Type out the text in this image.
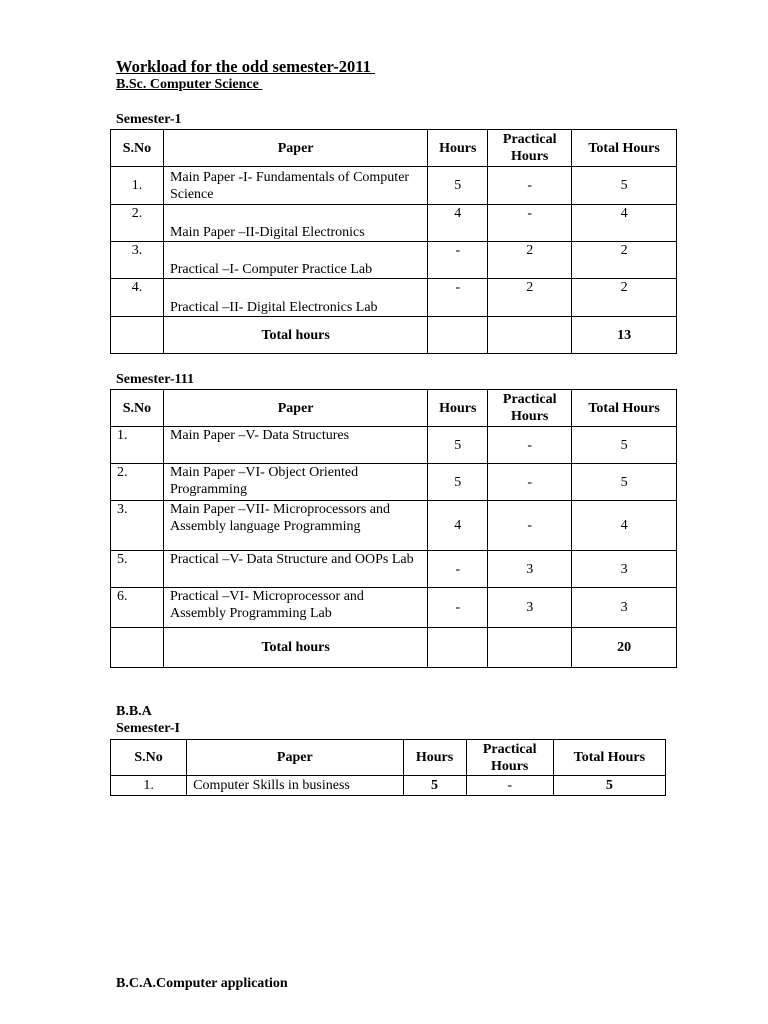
Workload for the odd semester-2011
B.Sc. Computer Science
Semester-1
S.No	Paper	Hours	Practical Hours	Total Hours
1.	Main Paper -I- Fundamentals of Computer Science	5	-	5
2.	Main Paper –II-Digital Electronics	4	-	4
3.	Practical –I- Computer Practice Lab	-	2	2
4.	Practical –II- Digital Electronics Lab	-	2	2
	Total hours			13
Semester-111
S.No	Paper	Hours	Practical Hours	Total Hours
1.	Main Paper –V- Data Structures	5	-	5
2.	Main Paper –VI- Object Oriented Programming	5	-	5
3.	Main Paper –VII- Microprocessors and Assembly language Programming	4	-	4
5.	Practical –V- Data Structure and OOPs Lab	-	3	3
6.	Practical –VI- Microprocessor and Assembly Programming Lab	-	3	3
	Total hours			20
B.B.A
Semester-I
S.No	Paper	Hours	Practical Hours	Total Hours
1.	Computer Skills in business	5	-	5
B.C.A.Computer application
